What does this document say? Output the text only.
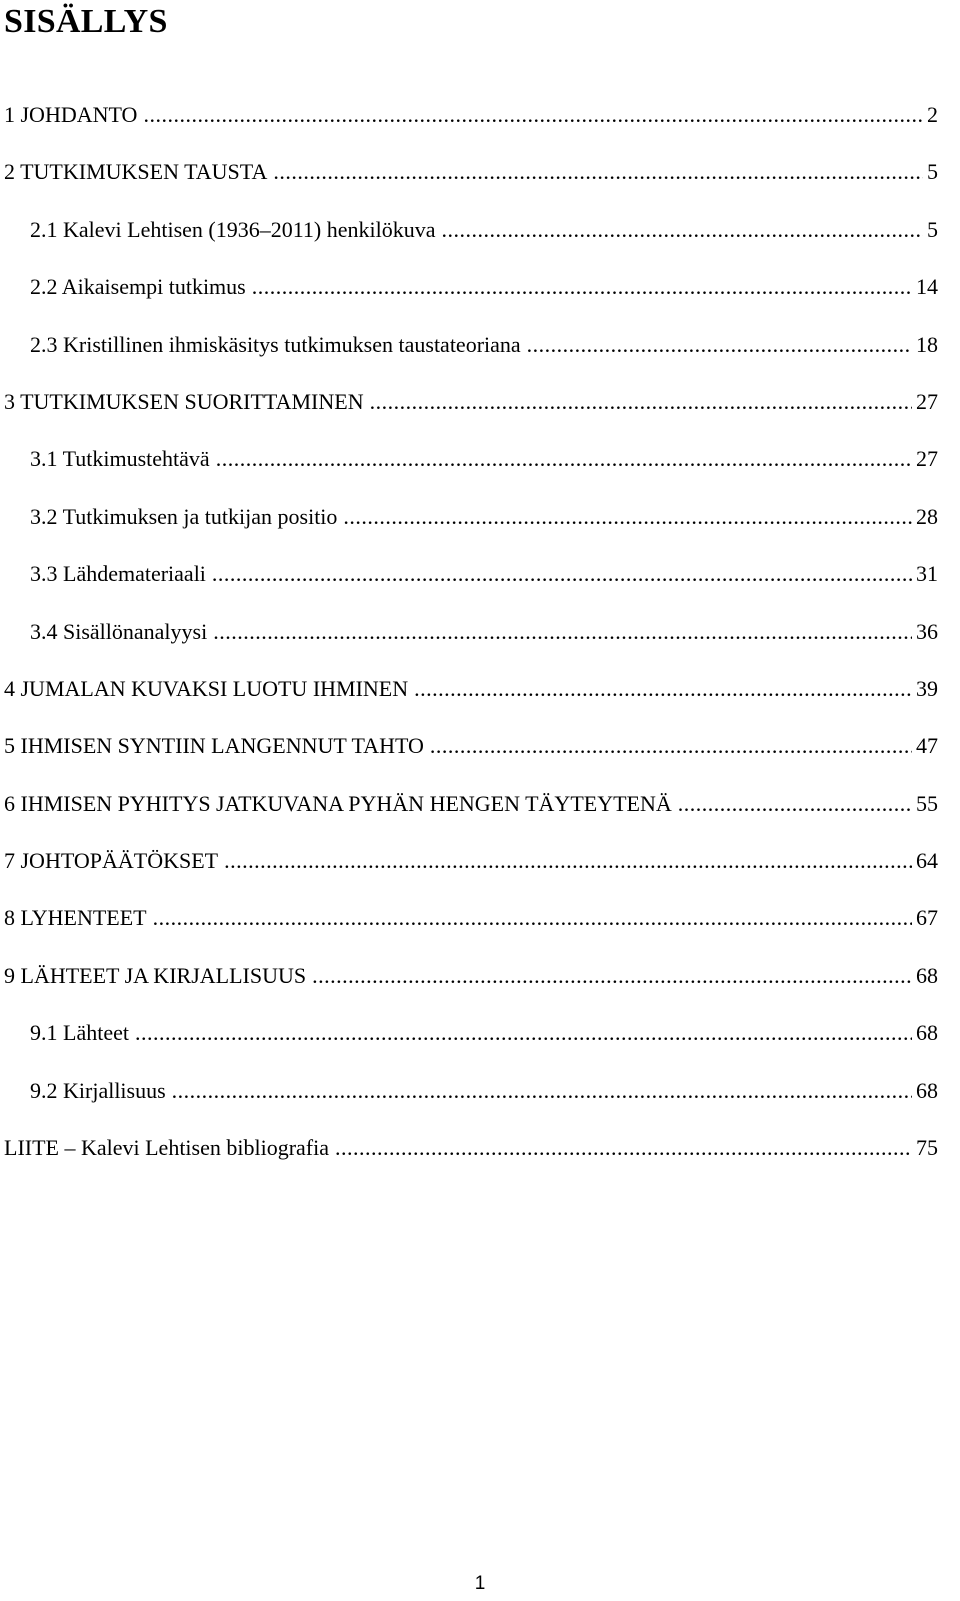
SISÄLLYS
1 JOHDANTO .....	2
2 TUTKIMUKSEN TAUSTA .....	5
2.1 Kalevi Lehtisen (1936–2011) henkilökuva .....	5
2.2 Aikaisempi tutkimus .....	14
2.3 Kristillinen ihmiskäsitys tutkimuksen taustateoriana .....	18
3 TUTKIMUKSEN SUORITTAMINEN .....	27
3.1 Tutkimustehtävä .....	27
3.2 Tutkimuksen ja tutkijan positio .....	28
3.3 Lähdemateriaali .....	31
3.4 Sisällönanalyysi .....	36
4 JUMALAN KUVAKSI LUOTU IHMINEN .....	39
5 IHMISEN SYNTIIN LANGENNUT TAHTO .....	47
6 IHMISEN PYHITYS JATKUVANA PYHÄN HENGEN TÄYTEYTENÄ .....	55
7 JOHTOPÄÄTÖKSET .....	64
8 LYHENTEET .....	67
9 LÄHTEET JA KIRJALLISUUS .....	68
9.1 Lähteet .....	68
9.2 Kirjallisuus .....	68
LIITE – Kalevi Lehtisen bibliografia .....	75
1
